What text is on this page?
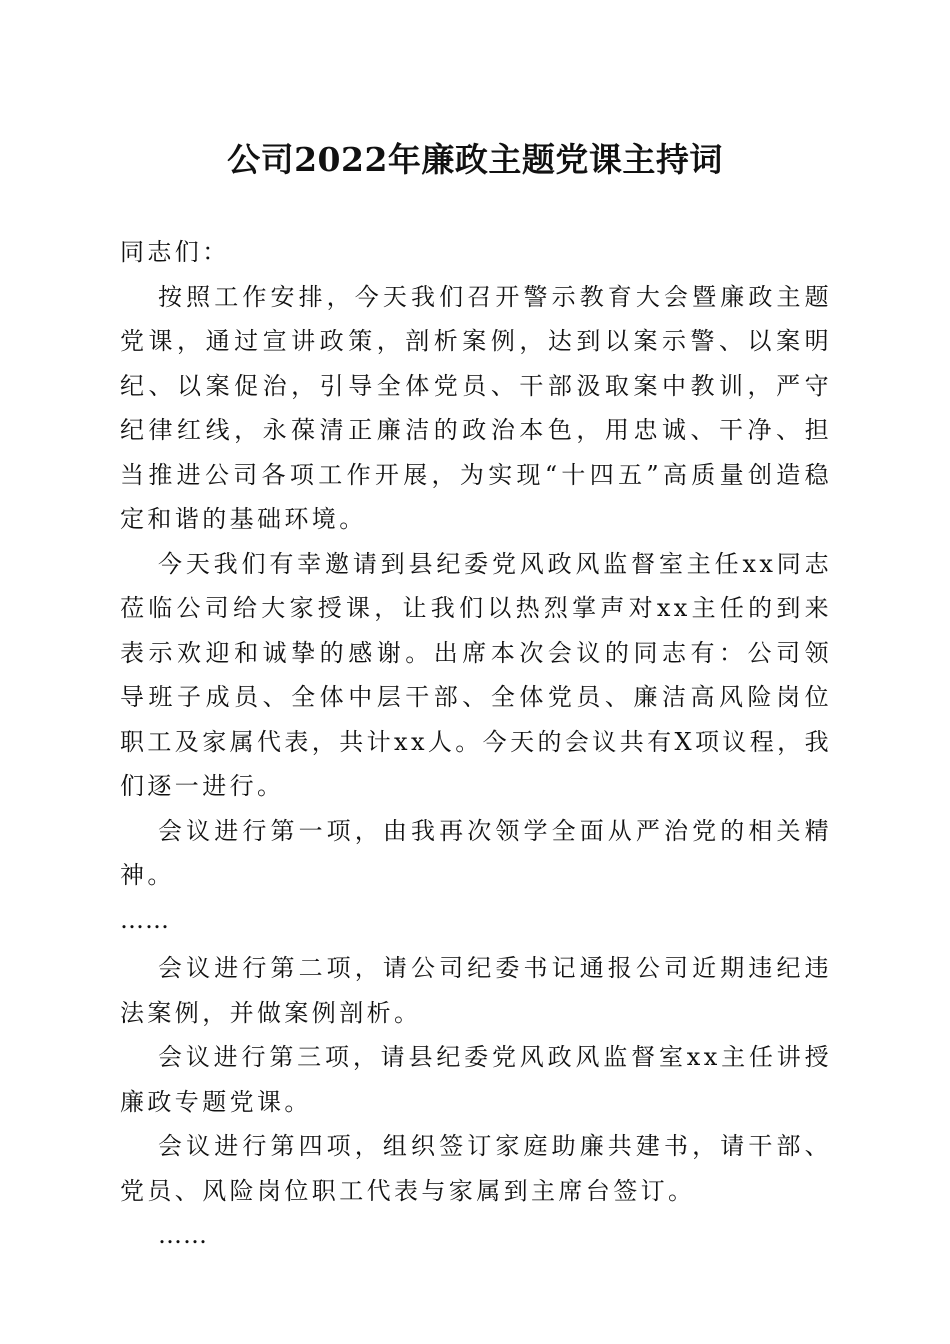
公司2022年廉政主题党课主持词

同志们：

按照工作安排，今天我们召开警示教育大会暨廉政主题党课，通过宣讲政策，剖析案例，达到以案示警、以案明纪、以案促治，引导全体党员、干部汲取案中教训，严守纪律红线，永葆清正廉洁的政治本色，用忠诚、干净、担当推进公司各项工作开展，为实现“十四五”高质量创造稳定和谐的基础环境。

今天我们有幸邀请到县纪委党风政风监督室主任xx同志莅临公司给大家授课，让我们以热烈掌声对xx主任的到来表示欢迎和诚挚的感谢。出席本次会议的同志有：公司领导班子成员、全体中层干部、全体党员、廉洁高风险岗位职工及家属代表，共计xx人。今天的会议共有X项议程，我们逐一进行。

会议进行第一项，由我再次领学全面从严治党的相关精神。

……

会议进行第二项，请公司纪委书记通报公司近期违纪违法案例，并做案例剖析。

会议进行第三项，请县纪委党风政风监督室xx主任讲授廉政专题党课。

会议进行第四项，组织签订家庭助廉共建书，请干部、党员、风险岗位职工代表与家属到主席台签订。

……
